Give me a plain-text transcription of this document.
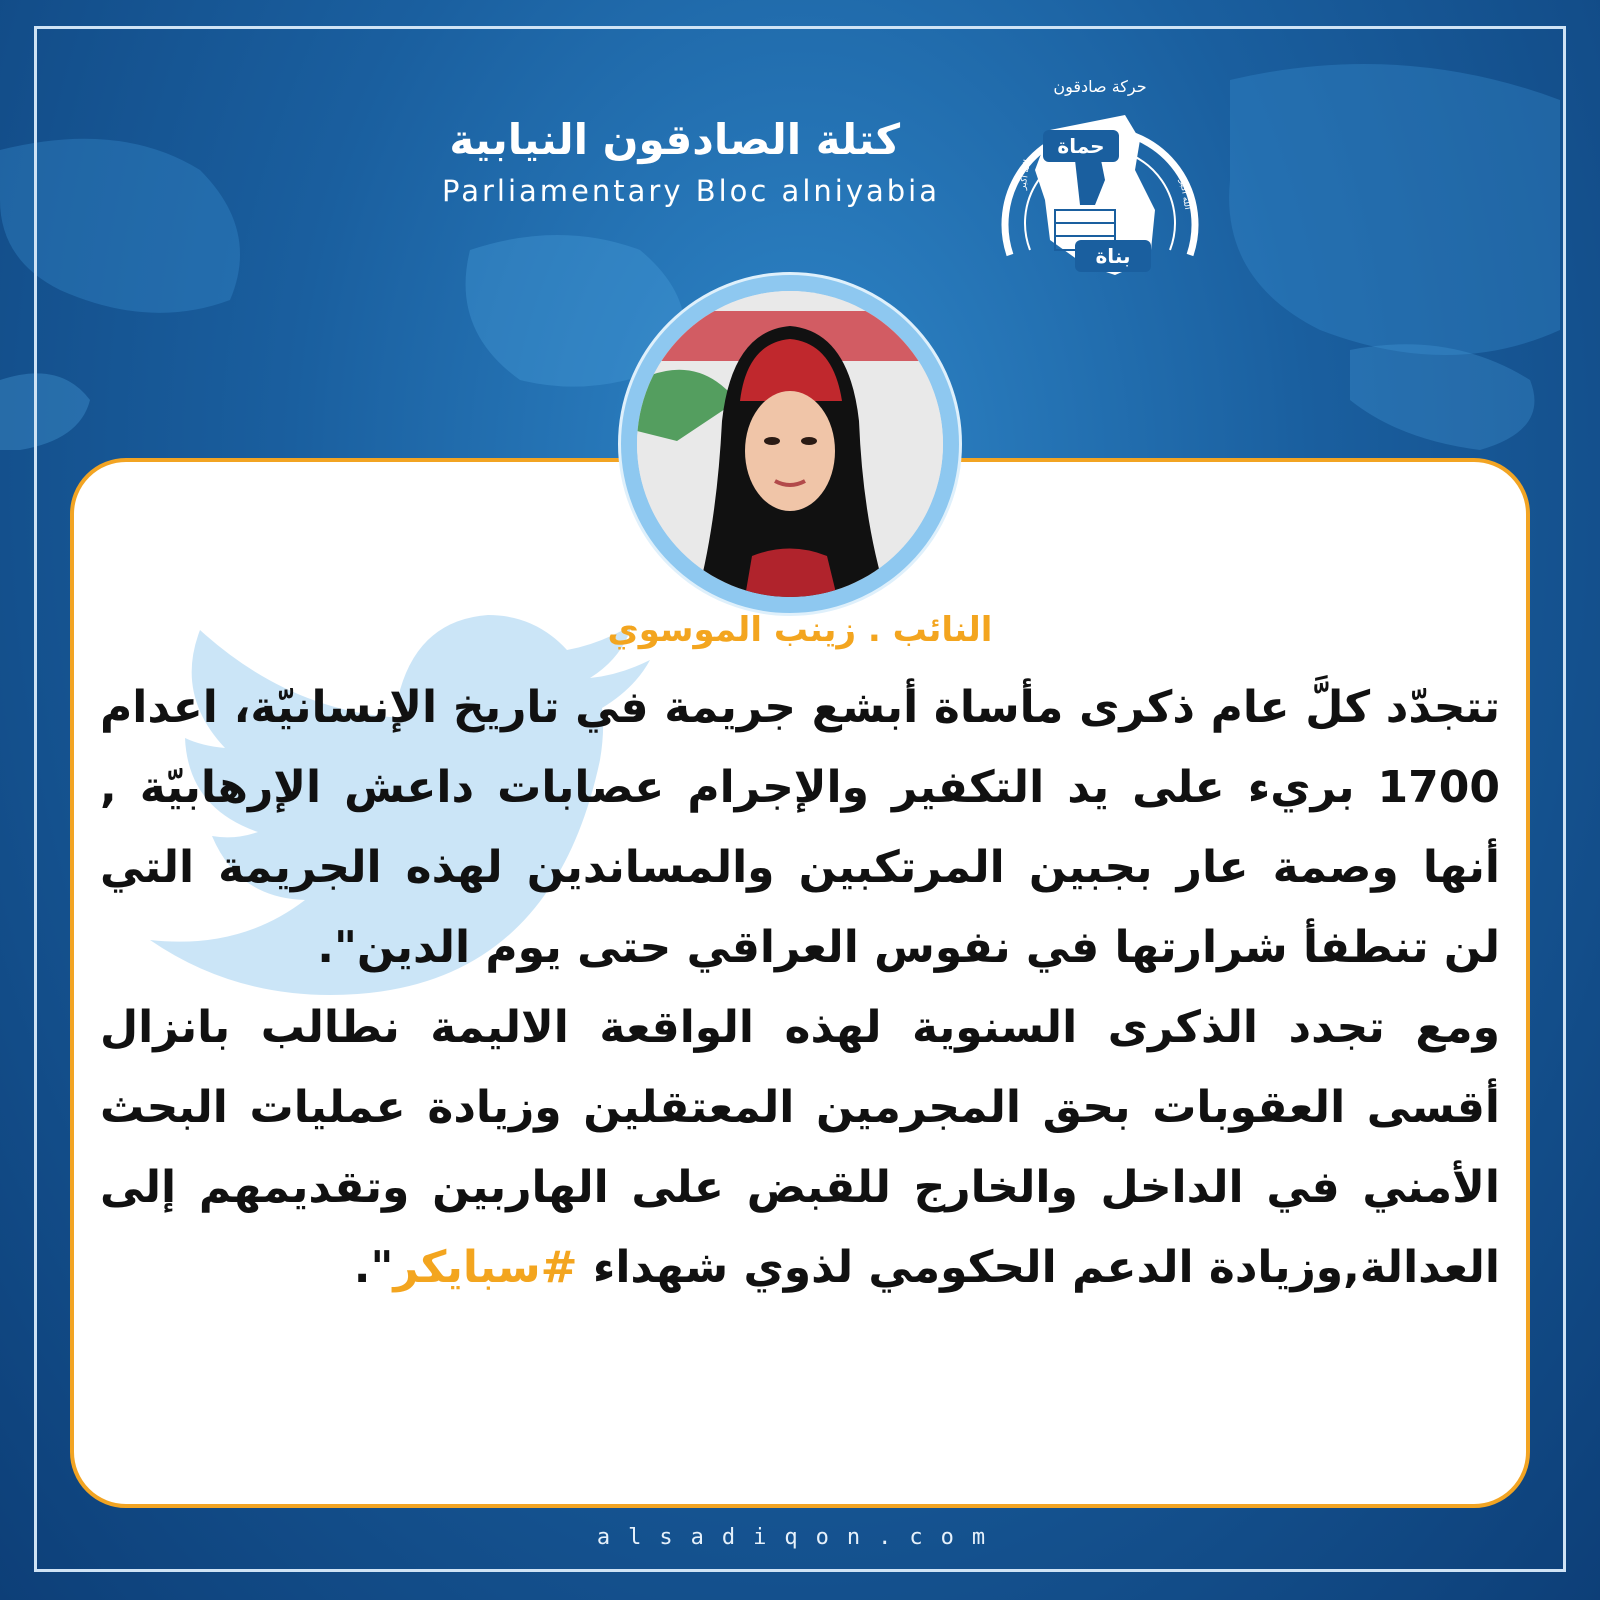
كتلة الصادقون النيابية
Parliamentary Bloc alniyabia
حركة صادقون
حماة
بناة
الله أكبر
الله أكبر
النائب . زينب الموسوي

تتجدّد كلَّ عام ذكرى مأساة أبشع جريمة في تاريخ الإنسانيّة، اعدام 1700 بريء على يد التكفير والإجرام عصابات داعش الإرهابيّة , أنها وصمة عار بجبين المرتكبين والمساندين لهذه الجريمة التي لن تنطفأ شرارتها في نفوس العراقي حتى يوم الدين".

ومع تجدد الذكرى السنوية لهذه الواقعة الاليمة نطالب بانزال أقسى العقوبات بحق المجرمين المعتقلين وزيادة عمليات البحث الأمني في الداخل والخارج للقبض على الهاربين وتقديمهم إلى العدالة,وزيادة الدعم الحكومي لذوي شهداء #سبايكر".

alsadiqon.com
